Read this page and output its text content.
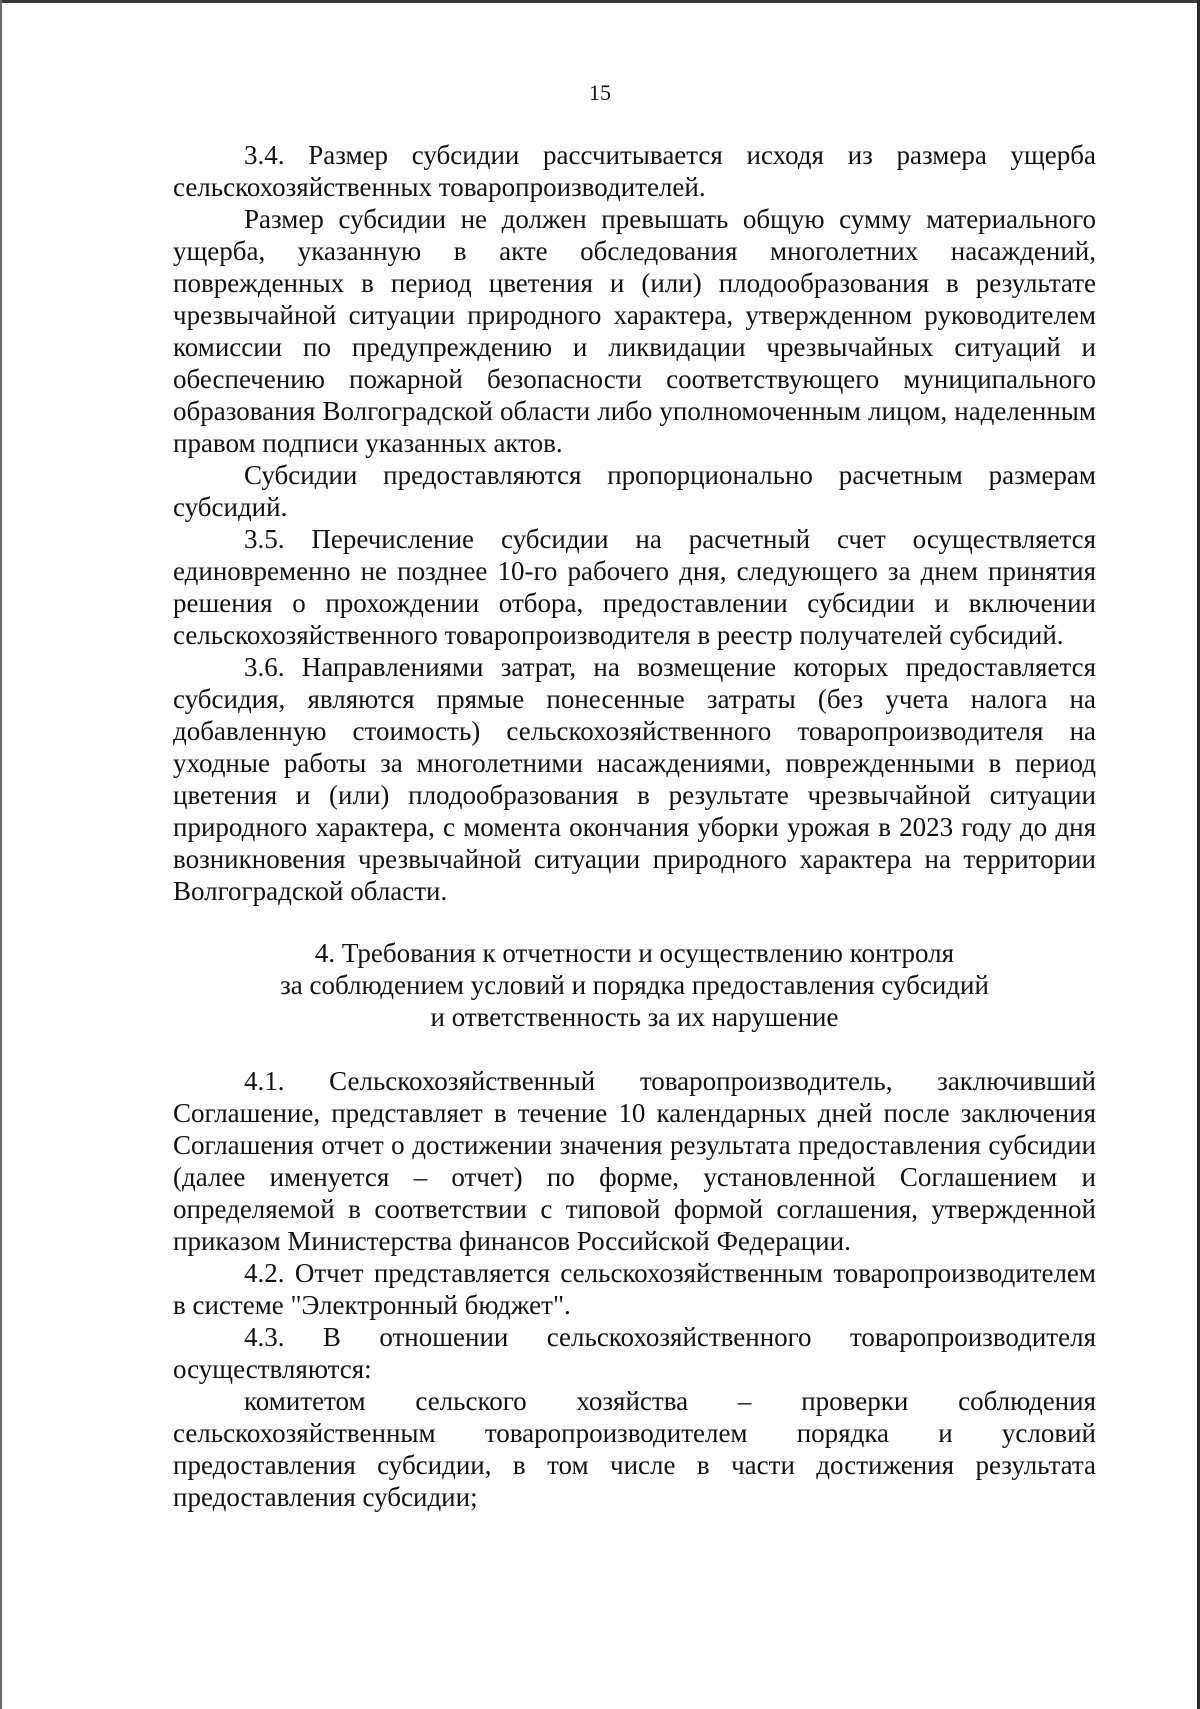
15

3.4. Размер субсидии рассчитывается исходя из размера ущерба сельскохозяйственных товаропроизводителей.

Размер субсидии не должен превышать общую сумму материального ущерба, указанную в акте обследования многолетних насаждений, поврежденных в период цветения и (или) плодообразования в результате чрезвычайной ситуации природного характера, утвержденном руководителем комиссии по предупреждению и ликвидации чрезвычайных ситуаций и обеспечению пожарной безопасности соответствующего муниципального образования Волгоградской области либо уполномоченным лицом, наделенным правом подписи указанных актов.

Субсидии предоставляются пропорционально расчетным размерам субсидий.

3.5. Перечисление субсидии на расчетный счет осуществляется единовременно не позднее 10-го рабочего дня, следующего за днем принятия решения о прохождении отбора, предоставлении субсидии и включении сельскохозяйственного товаропроизводителя в реестр получателей субсидий.

3.6. Направлениями затрат, на возмещение которых предоставляется субсидия, являются прямые понесенные затраты (без учета налога на добавленную стоимость) сельскохозяйственного товаропроизводителя на уходные работы за многолетними насаждениями, поврежденными в период цветения и (или) плодообразования в результате чрезвычайной ситуации природного характера, с момента окончания уборки урожая в 2023 году до дня возникновения чрезвычайной ситуации природного характера на территории Волгоградской области.

4. Требования к отчетности и осуществлению контроля
за соблюдением условий и порядка предоставления субсидий
и ответственность за их нарушение

4.1. Сельскохозяйственный товаропроизводитель, заключивший Соглашение, представляет в течение 10 календарных дней после заключения Соглашения отчет о достижении значения результата предоставления субсидии (далее именуется – отчет) по форме, установленной Соглашением и определяемой в соответствии с типовой формой соглашения, утвержденной приказом Министерства финансов Российской Федерации.

4.2. Отчет представляется сельскохозяйственным товаропроизводителем в системе "Электронный бюджет".

4.3. В отношении сельскохозяйственного товаропроизводителя осуществляются:

комитетом сельского хозяйства – проверки соблюдения сельскохозяйственным товаропроизводителем порядка и условий предоставления субсидии, в том числе в части достижения результата предоставления субсидии;
